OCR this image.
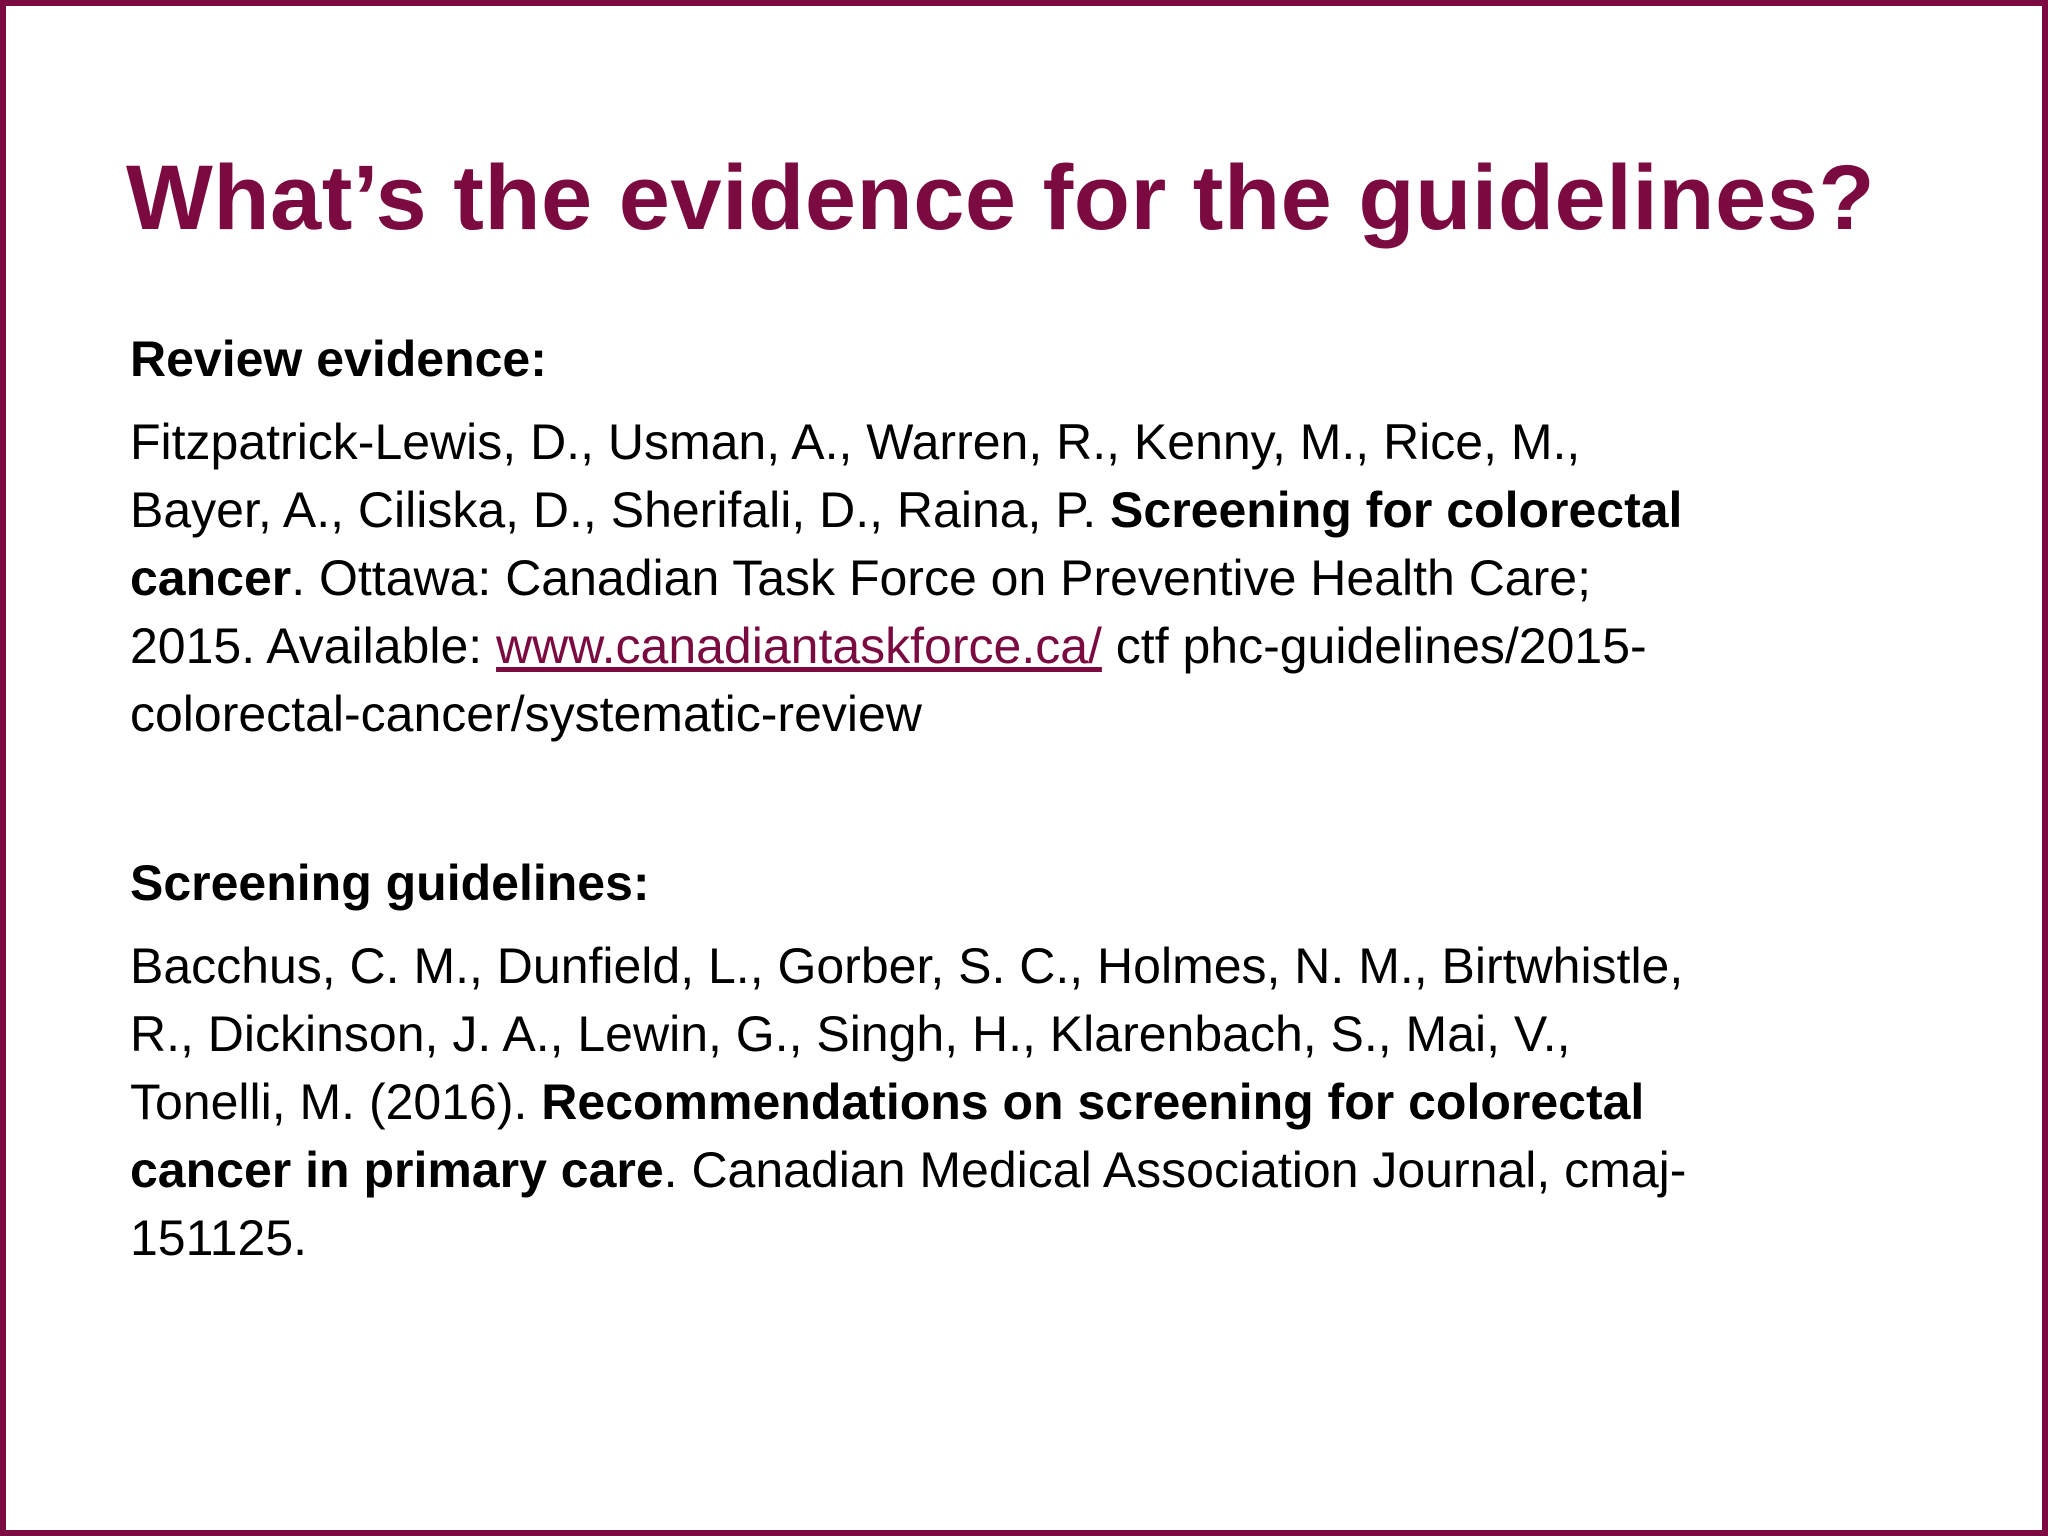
What’s the evidence for the guidelines?

Review evidence:

Fitzpatrick-Lewis, D., Usman, A., Warren, R., Kenny, M., Rice, M.,
Bayer, A., Ciliska, D., Sherifali, D., Raina, P. Screening for colorectal
cancer. Ottawa: Canadian Task Force on Preventive Health Care;
2015. Available: www.canadiantaskforce.ca/ ctf phc-guidelines/2015-
colorectal-cancer/systematic-review

Screening guidelines:

Bacchus, C. M., Dunfield, L., Gorber, S. C., Holmes, N. M., Birtwhistle,
R., Dickinson, J. A., Lewin, G., Singh, H., Klarenbach, S., Mai, V.,
Tonelli, M. (2016). Recommendations on screening for colorectal
cancer in primary care. Canadian Medical Association Journal, cmaj-
151125.
